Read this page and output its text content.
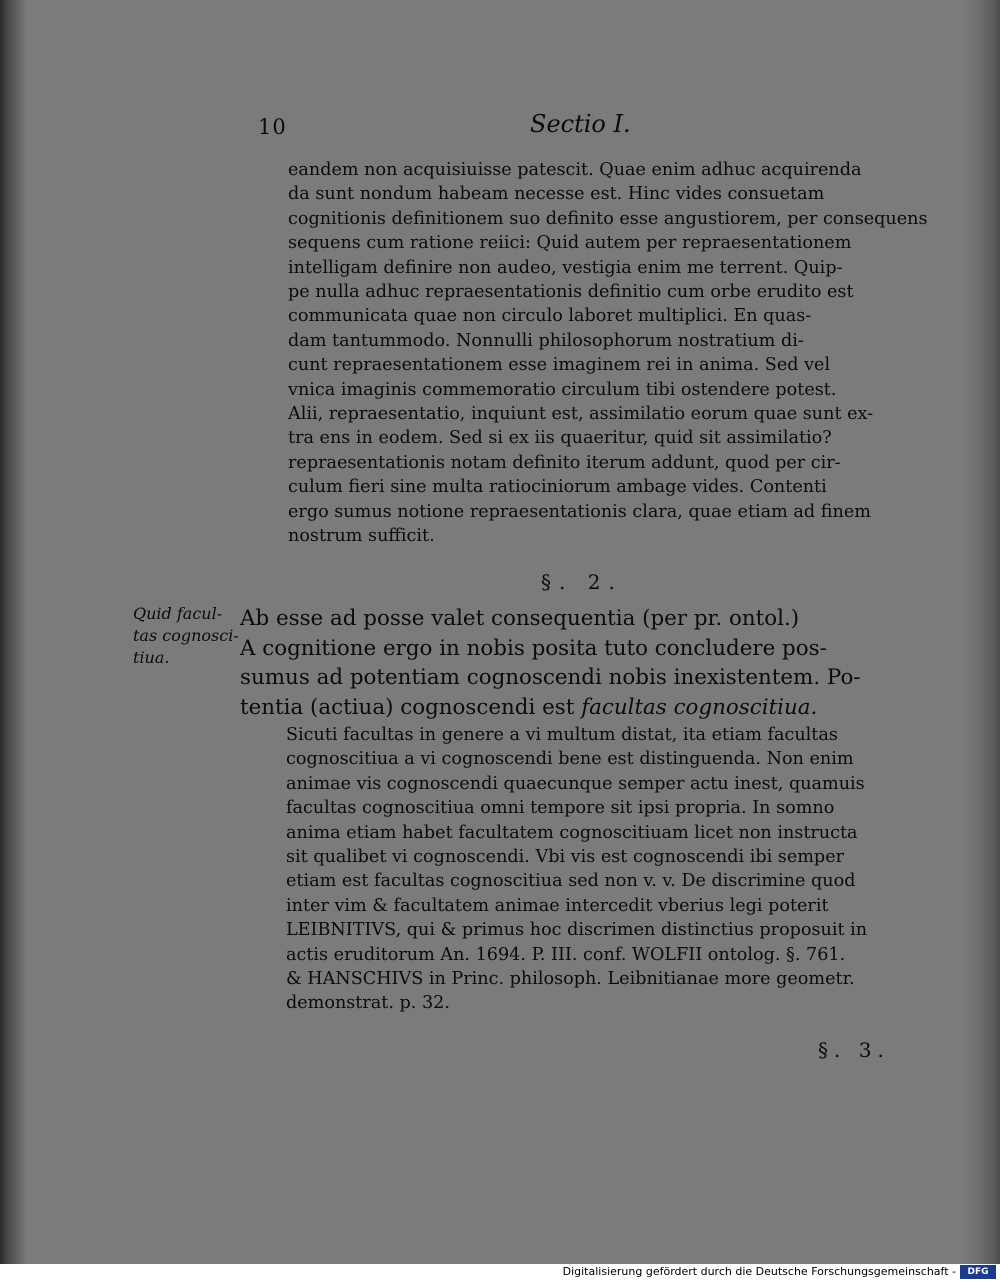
10	Sectio I.
eandem non acquisiuisse patescit. Quae enim adhuc acquirenda
da sunt nondum habeam necesse est. Hinc vides consuetam
cognitionis definitionem suo definito esse angustiorem, per consequens
sequens cum ratione reiici: Quid autem per repraesentationem
intelligam definire non audeo, vestigia enim me terrent. Quip-
pe nulla adhuc repraesentationis definitio cum orbe erudito est
communicata quae non circulo laboret multiplici. En quas-
dam tantummodo. Nonnulli philosophorum nostratium di-
cunt repraesentationem esse imaginem rei in anima. Sed vel
vnica imaginis commemoratio circulum tibi ostendere potest.
Alii, repraesentatio, inquiunt est, assimilatio eorum quae sunt ex-
tra ens in eodem. Sed si ex iis quaeritur, quid sit assimilatio?
repraesentationis notam definito iterum addunt, quod per cir-
culum fieri sine multa ratiociniorum ambage vides. Contenti
ergo sumus notione repraesentationis clara, quae etiam ad finem
nostrum sufficit.
§. 2.
Quid facul-
tas cognosci-
tiua.
Ab esse ad posse valet consequentia (per pr. ontol.)
A cognitione ergo in nobis posita tuto concludere pos-
sumus ad potentiam cognoscendi nobis inexistentem. Po-
tentia (actiua) cognoscendi est facultas cognoscitiua.
Sicuti facultas in genere a vi multum distat, ita etiam facultas
cognoscitiua a vi cognoscendi bene est distinguenda. Non enim
animae vis cognoscendi quaecunque semper actu inest, quamuis
facultas cognoscitiua omni tempore sit ipsi propria. In somno
anima etiam habet facultatem cognoscitiuam licet non instructa
sit qualibet vi cognoscendi. Vbi vis est cognoscendi ibi semper
etiam est facultas cognoscitiua sed non v. v. De discrimine quod
inter vim & facultatem animae intercedit vberius legi poterit
LEIBNITIVS, qui & primus hoc discrimen distinctius proposuit in
actis eruditorum An. 1694. P. III. conf. WOLFII ontolog. §. 761.
& HANSCHIVS in Princ. philosoph. Leibnitianae more geometr.
demonstrat. p. 32.
§. 3.
Digitalisierung gefördert durch die Deutsche Forschungsgemeinschaft -	DFG
